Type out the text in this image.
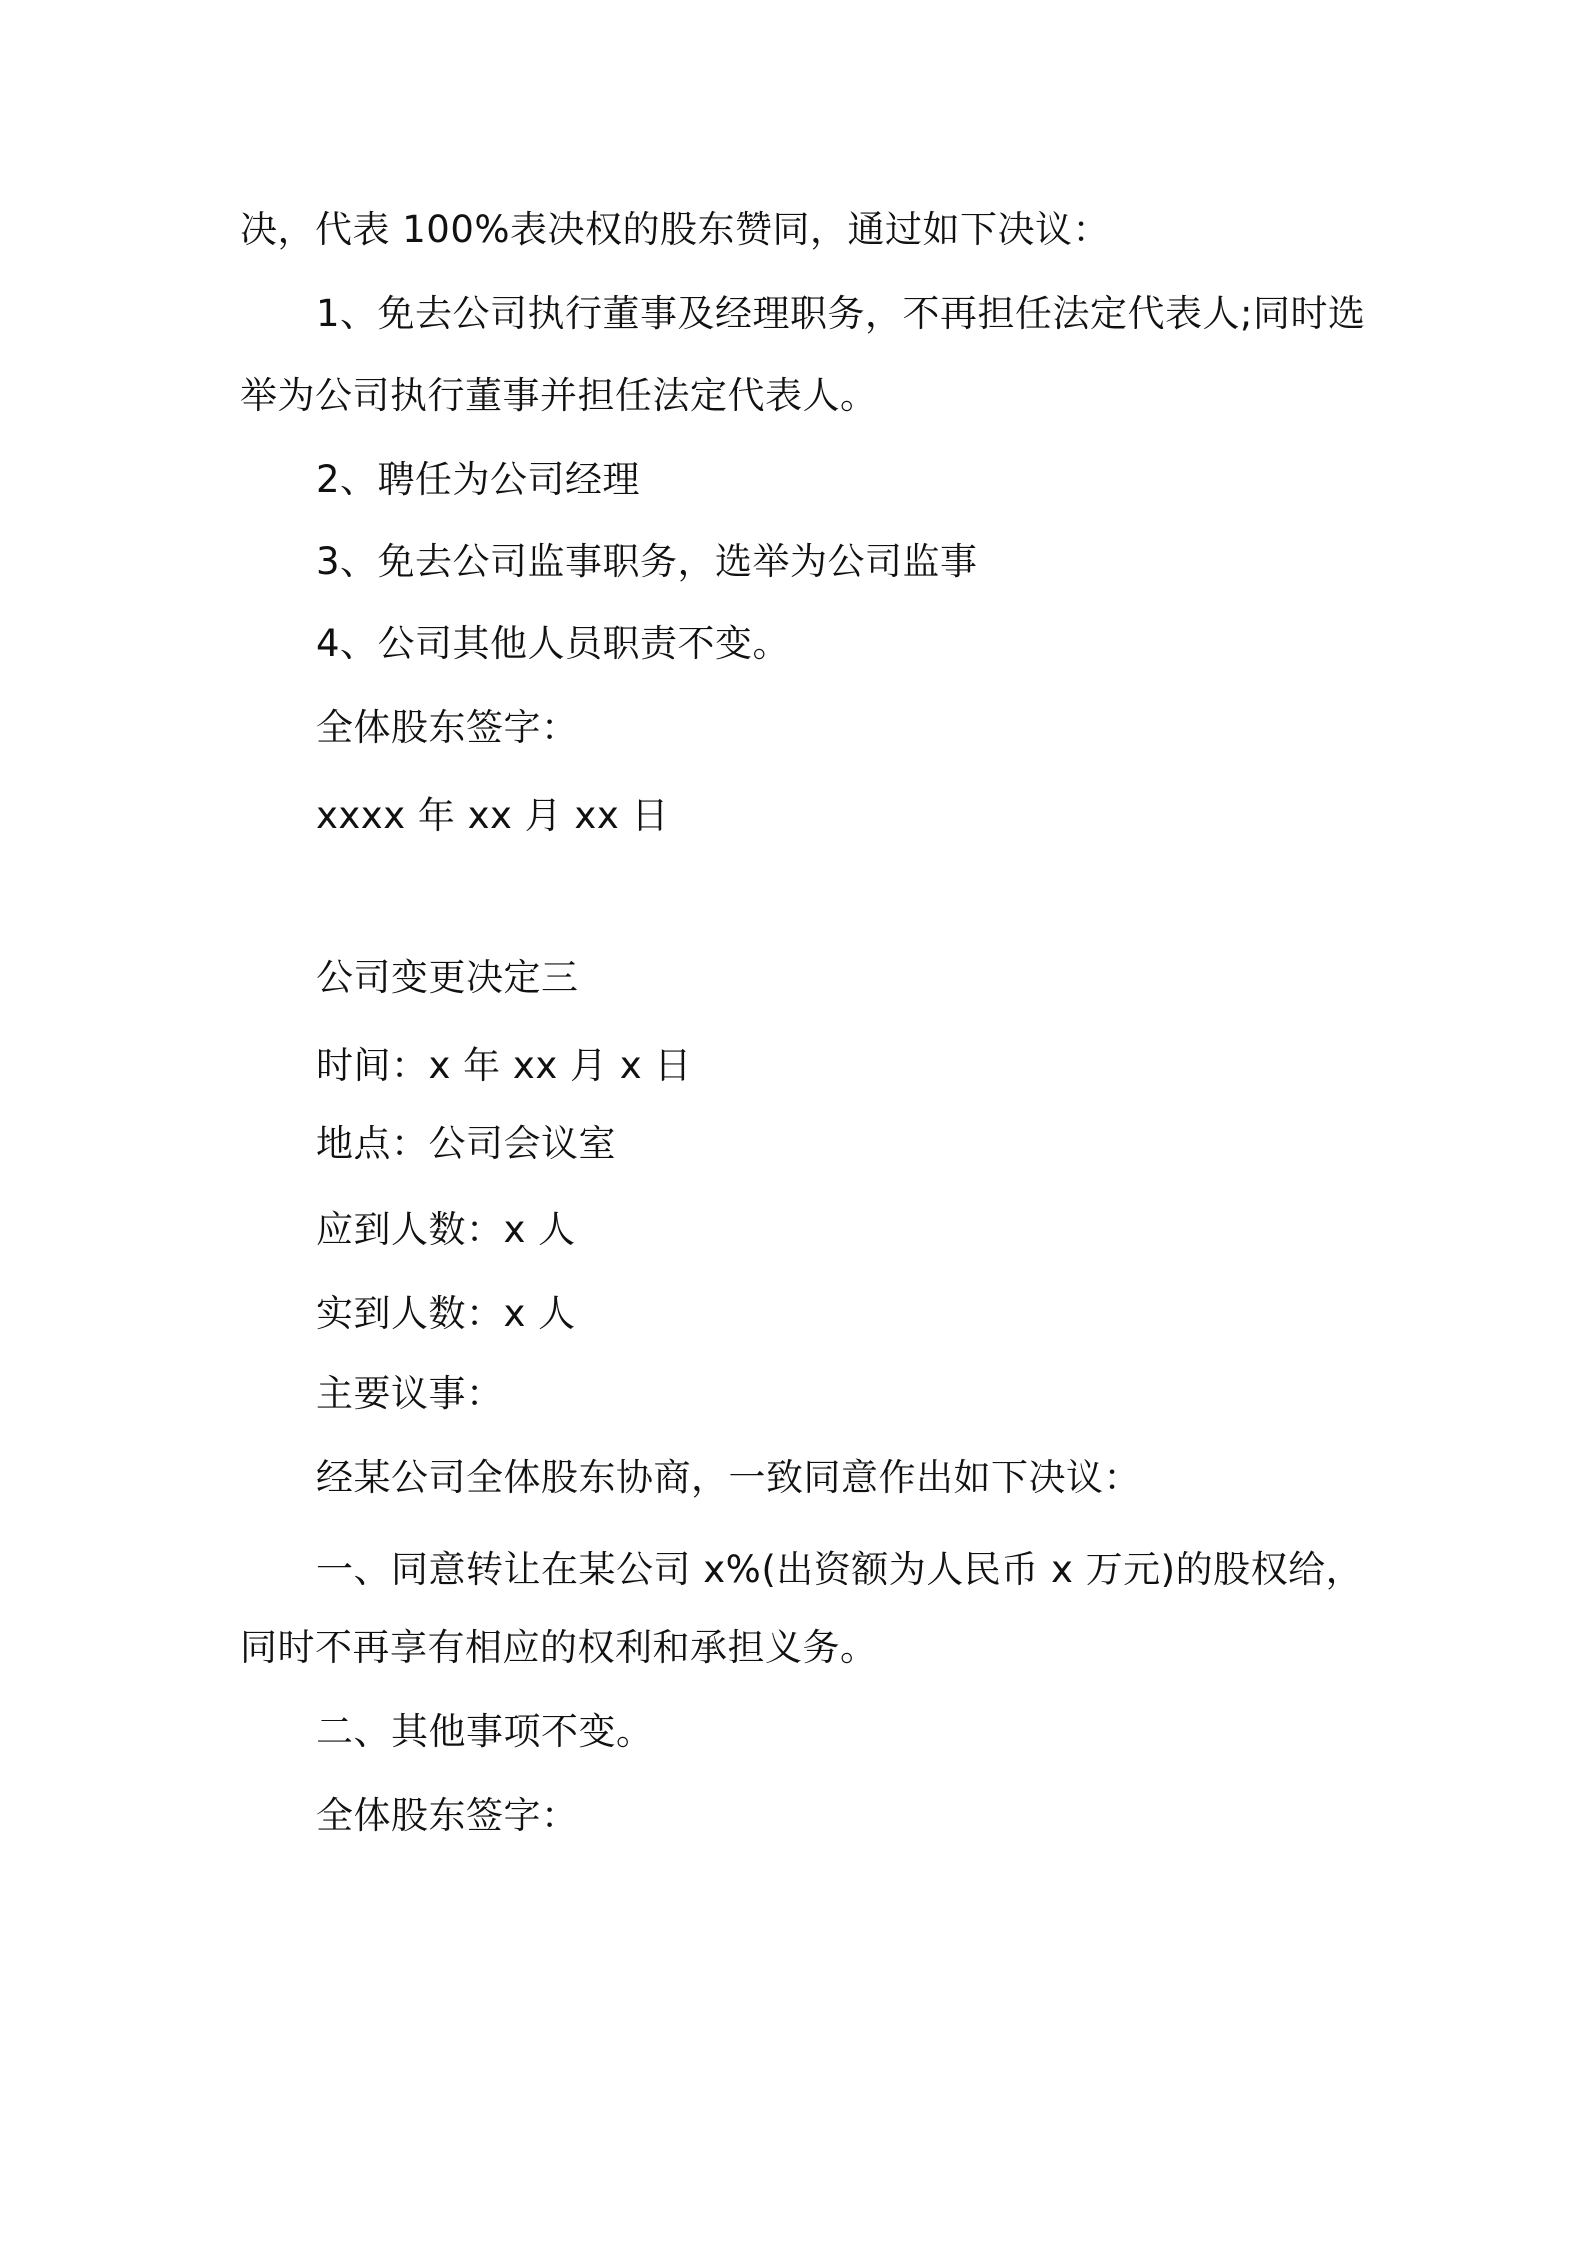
决，代表 100%表决权的股东赞同，通过如下决议：

1、免去公司执行董事及经理职务，不再担任法定代表人;同时选

举为公司执行董事并担任法定代表人。

2、聘任为公司经理

3、免去公司监事职务，选举为公司监事

4、公司其他人员职责不变。

全体股东签字：

xxxx 年 xx 月 xx 日

公司变更决定三

时间：x 年 xx 月 x 日

地点：公司会议室

应到人数：x 人

实到人数：x 人

主要议事：

经某公司全体股东协商，一致同意作出如下决议：

一、同意转让在某公司 x%(出资额为人民币 x 万元)的股权给，

同时不再享有相应的权利和承担义务。

二、其他事项不变。

全体股东签字：
